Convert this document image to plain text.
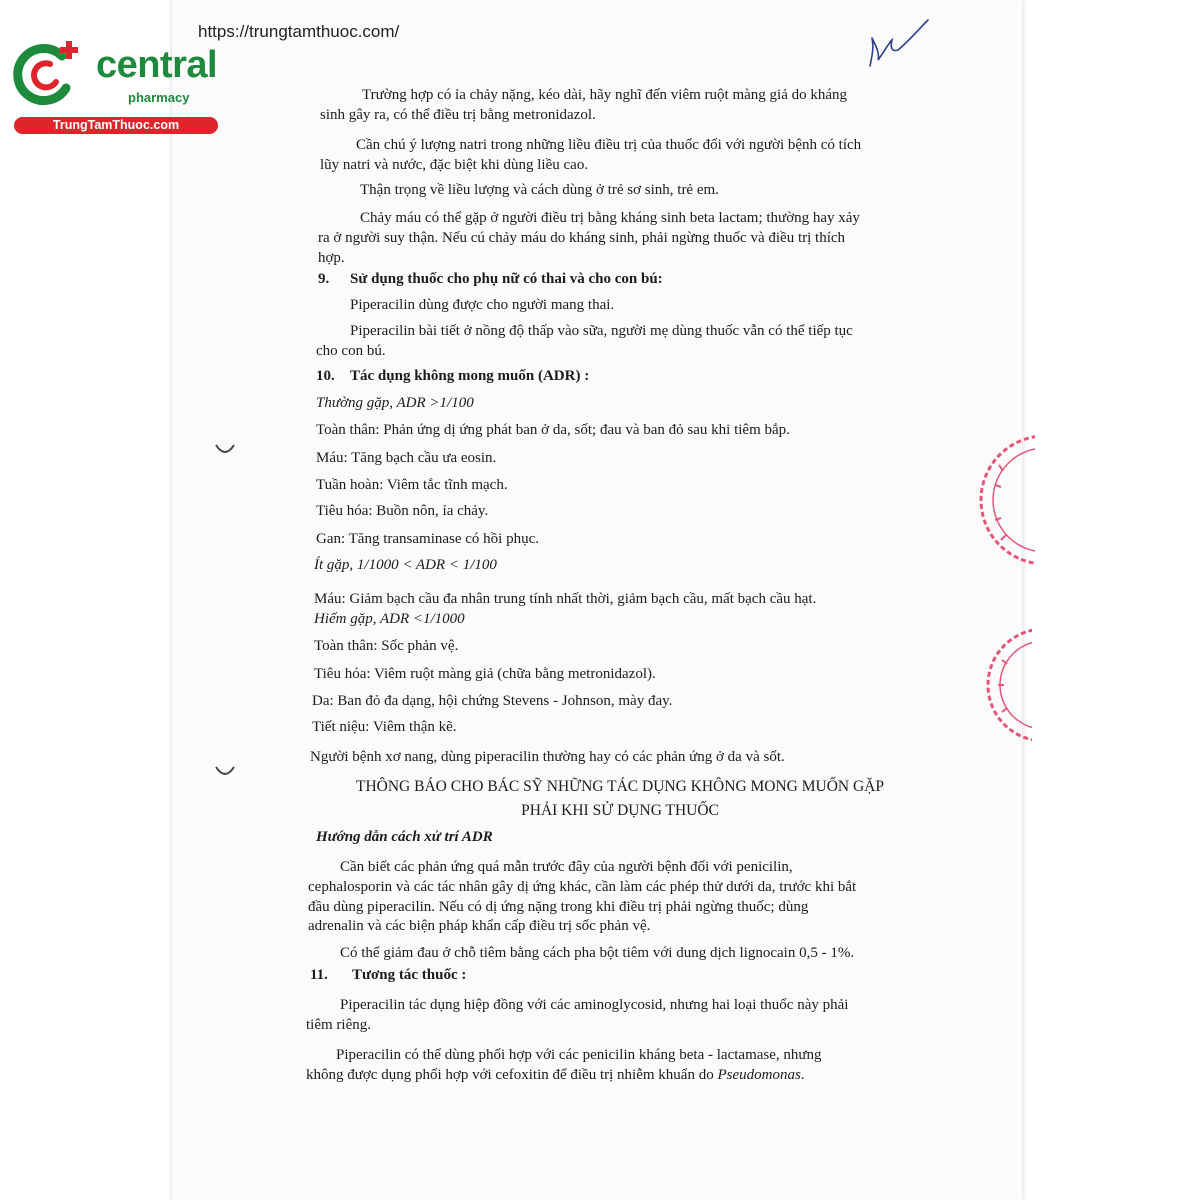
https://trungtamthuoc.com/
central
pharmacy
TrungTamThuoc.com
Trường hợp có ỉa chảy nặng, kéo dài, hãy nghĩ đến viêm ruột màng giả do kháng
sinh gây ra, có thể điều trị bằng metronidazol.
Cần chú ý lượng natri trong những liều điều trị của thuốc đối với người bệnh có tích
lũy natri và nước, đặc biệt khi dùng liều cao.
Thận trọng về liều lượng và cách dùng ở trẻ sơ sinh, trẻ em.
Chảy máu có thể gặp ở người điều trị bằng kháng sinh beta lactam; thường hay xảy
ra ở người suy thận. Nếu cú chảy máu do kháng sinh, phải ngừng thuốc và điều trị thích
hợp.
9. Sử dụng thuốc cho phụ nữ có thai và cho con bú:
Piperacilin dùng được cho người mang thai.
Piperacilin bài tiết ở nồng độ thấp vào sữa, người mẹ dùng thuốc vẫn có thể tiếp tục
cho con bú.
10. Tác dụng không mong muốn (ADR) :
Thường gặp, ADR >1/100
Toàn thân: Phản ứng dị ứng phát ban ở da, sốt; đau và ban đỏ sau khi tiêm bắp.
Máu: Tăng bạch cầu ưa eosin.
Tuần hoàn: Viêm tắc tĩnh mạch.
Tiêu hóa: Buồn nôn, ỉa chảy.
Gan: Tăng transaminase có hồi phục.
Ít gặp, 1/1000 < ADR < 1/100
Máu: Giảm bạch cầu đa nhân trung tính nhất thời, giảm bạch cầu, mất bạch cầu hạt.
Hiếm gặp, ADR <1/1000
Toàn thân: Sốc phản vệ.
Tiêu hóa: Viêm ruột màng giả (chữa bằng metronidazol).
Da: Ban đỏ đa dạng, hội chứng Stevens - Johnson, mày đay.
Tiết niệu: Viêm thận kẽ.
Người bệnh xơ nang, dùng piperacilin thường hay có các phản ứng ở da và sốt.
THÔNG BÁO CHO BÁC SỸ NHỮNG TÁC DỤNG KHÔNG MONG MUỐN GẶP
PHẢI KHI SỬ DỤNG THUỐC
Hướng dẫn cách xử trí ADR
Cần biết các phản ứng quá mẫn trước đây của người bệnh đối với penicilin,
cephalosporin và các tác nhân gây dị ứng khác, cần làm các phép thử dưới da, trước khi bắt
đầu dùng piperacilin. Nếu có dị ứng nặng trong khi điều trị phải ngừng thuốc; dùng
adrenalin và các biện pháp khẩn cấp điều trị sốc phản vệ.
Có thể giảm đau ở chỗ tiêm bằng cách pha bột tiêm với dung dịch lignocain 0,5 - 1%.
11. Tương tác thuốc :
Piperacilin tác dụng hiệp đồng với các aminoglycosid, nhưng hai loại thuốc này phải
tiêm riêng.
Piperacilin có thể dùng phối hợp với các penicilin kháng beta - lactamase, nhưng
không được dụng phối hợp với cefoxitin để điều trị nhiễm khuẩn do Pseudomonas.
